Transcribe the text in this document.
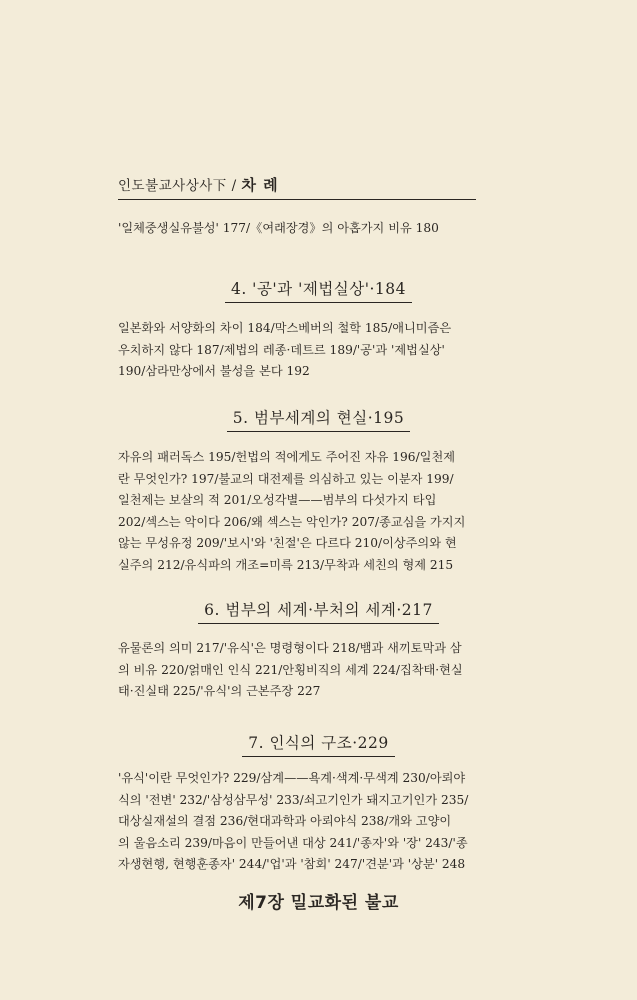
인도불교사상사下 / 차 례

'일체중생실유불성' 177/《여래장경》의 아홉가지 비유 180

4. '공'과 '제법실상'·184

일본화와 서양화의 차이 184/막스베버의 철학 185/애니미즘은
우치하지 않다 187/제법의 레종·데트르 189/'공'과 '제법실상'
190/삼라만상에서 불성을 본다 192

5. 범부세계의 현실·195

자유의 패러독스 195/헌법의 적에게도 주어진 자유 196/일천제
란 무엇인가? 197/불교의 대전제를 의심하고 있는 이분자 199/
일천제는 보살의 적 201/오성각별——범부의 다섯가지 타입
202/섹스는 악이다 206/왜 섹스는 악인가? 207/종교심을 가지지
않는 무성유정 209/'보시'와 '친절'은 다르다 210/이상주의와 현
실주의 212/유식파의 개조=미륵 213/무착과 세친의 형제 215

6. 범부의 세계·부처의 세계·217

유물론의 의미 217/'유식'은 명령형이다 218/뱀과 새끼토막과 삼
의 비유 220/얽매인 인식 221/안횡비직의 세계 224/집착태·현실
태·진실태 225/'유식'의 근본주장 227

7. 인식의 구조·229

'유식'이란 무엇인가? 229/삼계——욕계·색계·무색계 230/아뢰야
식의 '전변' 232/'삼성삼무성' 233/쇠고기인가 돼지고기인가 235/
대상실재설의 결점 236/현대과학과 아뢰야식 238/개와 고양이
의 울음소리 239/마음이 만들어낸 대상 241/'종자'와 '장' 243/'종
자생현행, 현행훈종자' 244/'업'과 '참회' 247/'견분'과 '상분' 248

제7장 밀교화된 불교
